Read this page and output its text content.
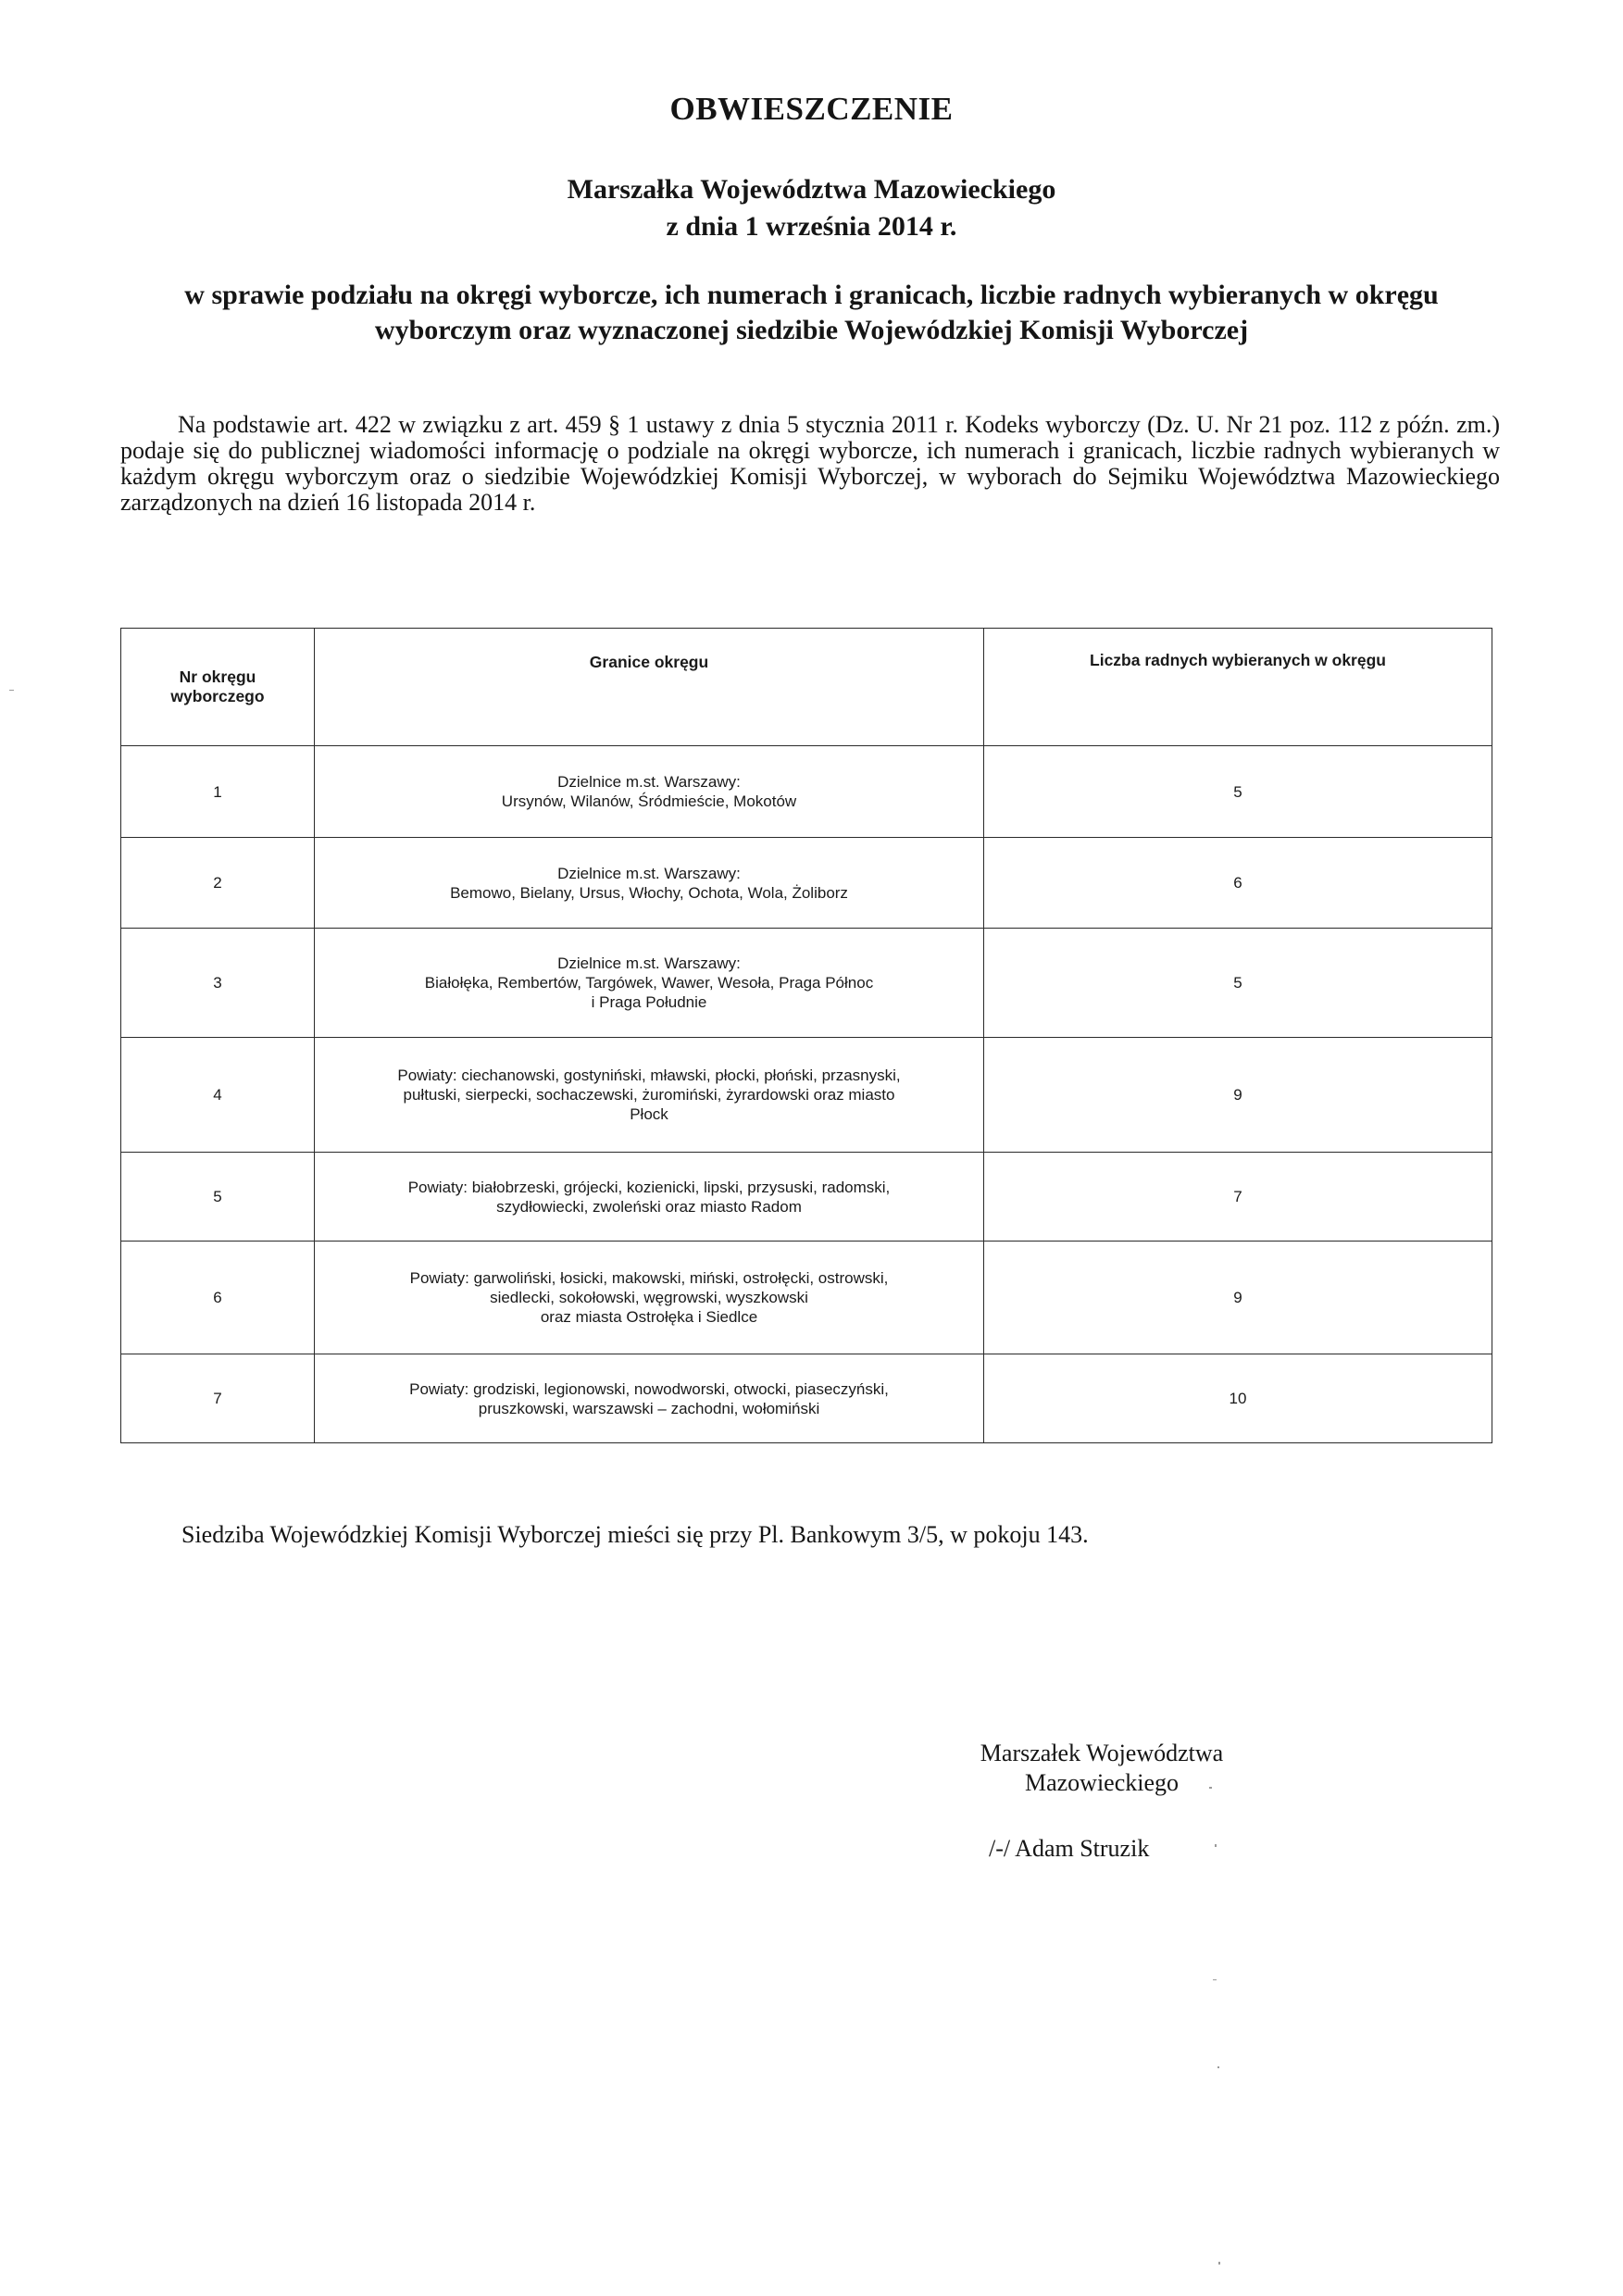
OBWIESZCZENIE
Marszałka Województwa Mazowieckiego
z dnia 1 września 2014 r.
w sprawie podziału na okręgi wyborcze, ich numerach i granicach, liczbie radnych wybieranych w okręgu wyborczym oraz wyznaczonej siedzibie Wojewódzkiej Komisji Wyborczej

Na podstawie art. 422 w związku z art. 459 § 1 ustawy z dnia 5 stycznia 2011 r. Kodeks wyborczy (Dz. U. Nr 21 poz. 112 z późn. zm.) podaje się do publicznej wiadomości informację o podziale na okręgi wyborcze, ich numerach i granicach, liczbie radnych wybieranych w każdym okręgu wyborczym oraz o siedzibie Wojewódzkiej Komisji Wyborczej, w wyborach do Sejmiku Województwa Mazowieckiego zarządzonych na dzień 16 listopada 2014 r.

Nr okręgu wyborczego	Granice okręgu	Liczba radnych wybieranych w okręgu
1	Dzielnice m.st. Warszawy:
Ursynów, Wilanów, Śródmieście, Mokotów	5
2	Dzielnice m.st. Warszawy:
Bemowo, Bielany, Ursus, Włochy, Ochota, Wola, Żoliborz	6
3	Dzielnice m.st. Warszawy:
Białołęka, Rembertów, Targówek, Wawer, Wesoła, Praga Północ
i Praga Południe	5
4	Powiaty: ciechanowski, gostyniński, mławski, płocki, płoński, przasnyski,
pułtuski, sierpecki, sochaczewski, żuromiński, żyrardowski oraz miasto
Płock	9
5	Powiaty: białobrzeski, grójecki, kozienicki, lipski, przysuski, radomski,
szydłowiecki, zwoleński oraz miasto Radom	7
6	Powiaty: garwoliński, łosicki, makowski, miński, ostrołęcki, ostrowski,
siedlecki, sokołowski, węgrowski, wyszkowski
oraz miasta Ostrołęka i Siedlce	9
7	Powiaty: grodziski, legionowski, nowodworski, otwocki, piaseczyński,
pruszkowski, warszawski – zachodni, wołomiński	10
Siedziba Wojewódzkiej Komisji Wyborczej mieści się przy Pl. Bankowym 3/5, w pokoju 143.
Marszałek Województwa
Mazowieckiego
/-/ Adam Struzik
